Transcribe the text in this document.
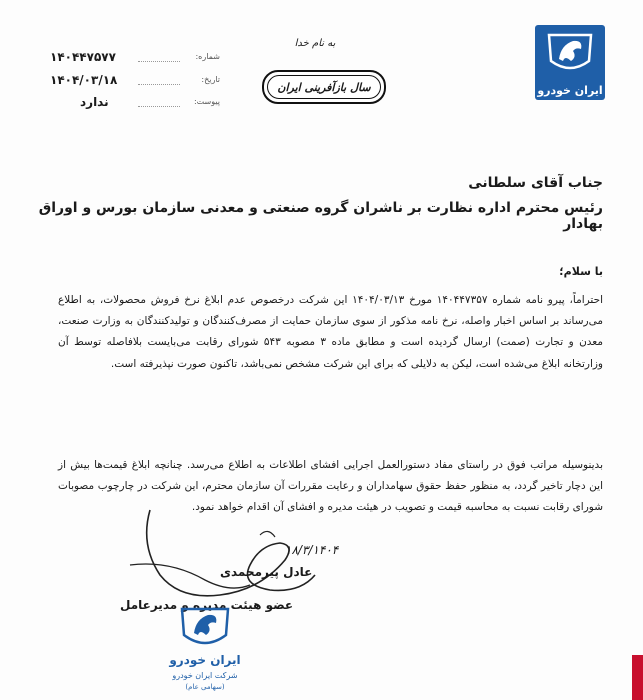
ایران خودرو
به نام خدا
سال بازآفرینی ایران
۱۴۰۴۴۷۵۷۷	شماره:
۱۴۰۴/۰۳/۱۸	تاریخ:
ندارد	پیوست:
جناب آقای سلطانی
رئیس محترم اداره نظارت بر ناشران گروه صنعتی و معدنی سازمان بورس و اوراق بهادار
با سلام؛
احتراماً، پیرو نامه شماره ۱۴۰۴۴۷۳۵۷ مورخ ۱۴۰۴/۰۳/۱۳ این شرکت درخصوص عدم ابلاغ نرخ فروش محصولات، به اطلاع می‌رساند بر اساس اخبار واصله، نرخ نامه مذکور از سوی سازمان حمایت از مصرف‌کنندگان و تولیدکنندگان به وزارت صنعت، معدن و تجارت (صمت) ارسال گردیده است و مطابق ماده ۳ مصوبه ۵۴۳ شورای رقابت می‌بایست بلافاصله توسط آن وزارتخانه ابلاغ می‌شده است، لیکن به دلایلی که برای این شرکت مشخص نمی‌باشد، تاکنون صورت نپذیرفته است.
بدینوسیله مراتب فوق در راستای مفاد دستورالعمل اجرایی افشای اطلاعات به اطلاع می‌رسد. چنانچه ابلاغ قیمت‌ها بیش از این دچار تاخیر گردد، به منظور حفظ حقوق سهامداران و رعایت مقررات آن سازمان محترم، این شرکت در چارچوب مصوبات شورای رقابت نسبت به محاسبه قیمت و تصویب در هیئت مدیره و افشای آن اقدام خواهد نمود.
۱۸/۳/۱۴۰۴
عادل پیرمحمدی
عضو هیئت مدیره و مدیرعامل
ایران خودرو
شرکت ایران خودرو
(سهامی عام)
